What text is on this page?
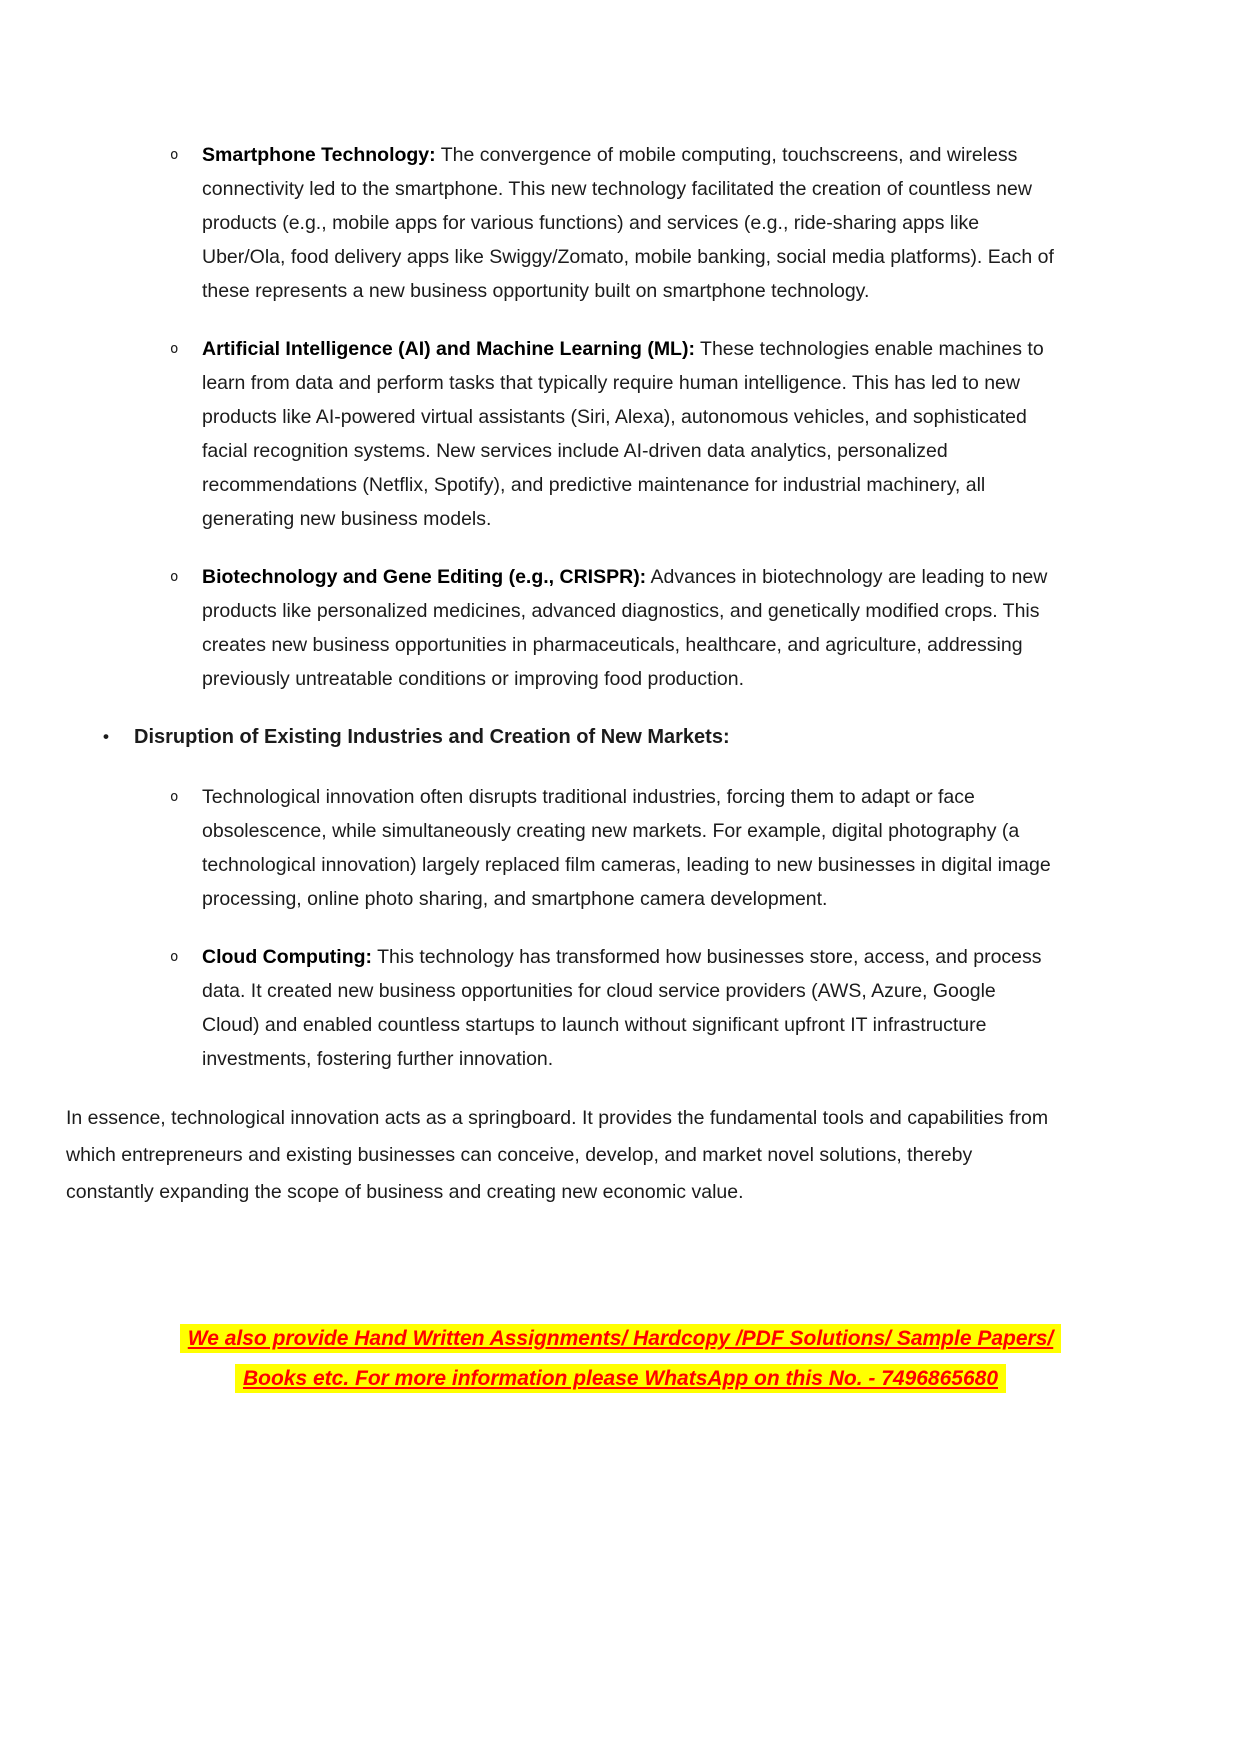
o	Smartphone Technology: The convergence of mobile computing, touchscreens, and wireless connectivity led to the smartphone. This new technology facilitated the creation of countless new products (e.g., mobile apps for various functions) and services (e.g., ride-sharing apps like Uber/Ola, food delivery apps like Swiggy/Zomato, mobile banking, social media platforms). Each of these represents a new business opportunity built on smartphone technology.
o	Artificial Intelligence (AI) and Machine Learning (ML): These technologies enable machines to learn from data and perform tasks that typically require human intelligence. This has led to new products like AI-powered virtual assistants (Siri, Alexa), autonomous vehicles, and sophisticated facial recognition systems. New services include AI-driven data analytics, personalized recommendations (Netflix, Spotify), and predictive maintenance for industrial machinery, all generating new business models.
o	Biotechnology and Gene Editing (e.g., CRISPR): Advances in biotechnology are leading to new products like personalized medicines, advanced diagnostics, and genetically modified crops. This creates new business opportunities in pharmaceuticals, healthcare, and agriculture, addressing previously untreatable conditions or improving food production.
•	Disruption of Existing Industries and Creation of New Markets:
o	Technological innovation often disrupts traditional industries, forcing them to adapt or face obsolescence, while simultaneously creating new markets. For example, digital photography (a technological innovation) largely replaced film cameras, leading to new businesses in digital image processing, online photo sharing, and smartphone camera development.
o	Cloud Computing: This technology has transformed how businesses store, access, and process data. It created new business opportunities for cloud service providers (AWS, Azure, Google Cloud) and enabled countless startups to launch without significant upfront IT infrastructure investments, fostering further innovation.

In essence, technological innovation acts as a springboard. It provides the fundamental tools and capabilities from which entrepreneurs and existing businesses can conceive, develop, and market novel solutions, thereby constantly expanding the scope of business and creating new economic value.

We also provide Hand Written Assignments/ Hardcopy /PDF Solutions/ Sample Papers/
Books etc. For more information please WhatsApp on this No. - 7496865680
